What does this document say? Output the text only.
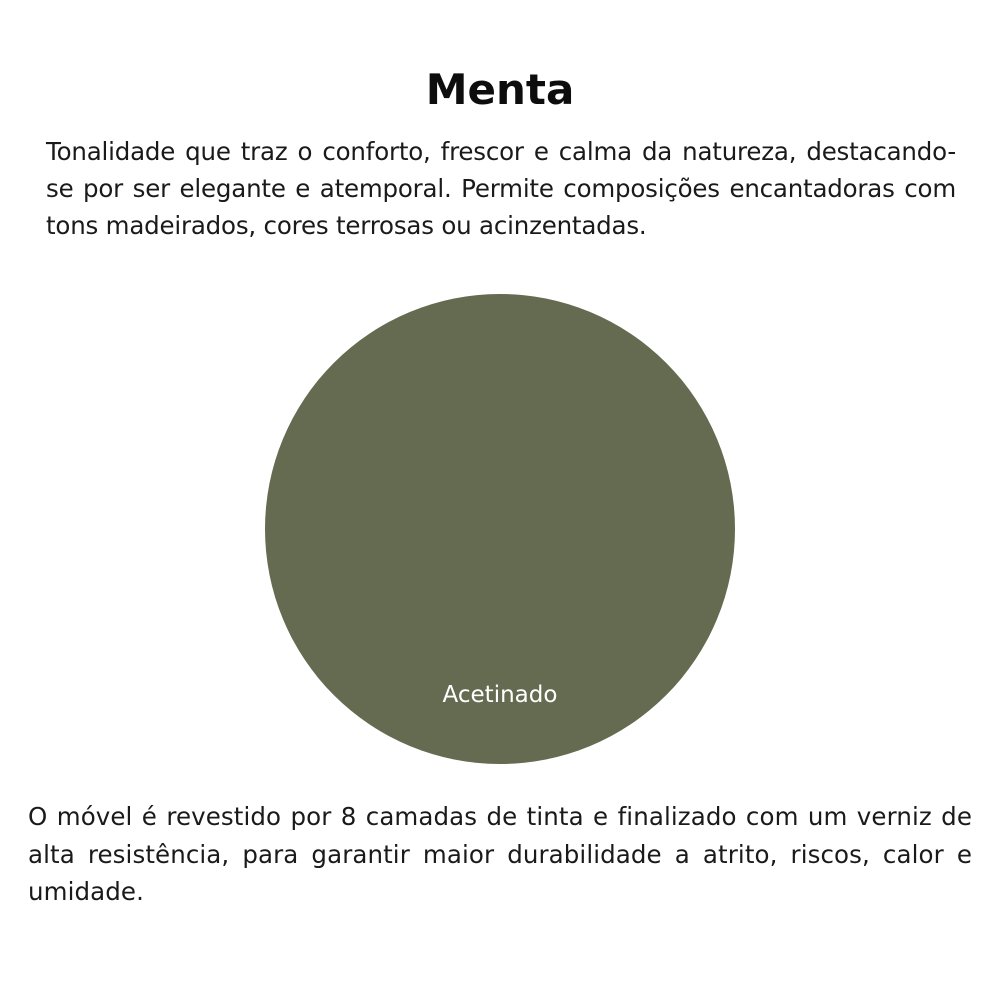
Menta

Tonalidade que traz o conforto, frescor e calma da natureza, destacando-se por ser elegante e atemporal. Permite composições encantadoras com tons madeirados, cores terrosas ou acinzentadas.

Acetinado

O móvel é revestido por 8 camadas de tinta e finalizado com um verniz de alta resistência, para garantir maior durabilidade a atrito, riscos, calor e umidade.
